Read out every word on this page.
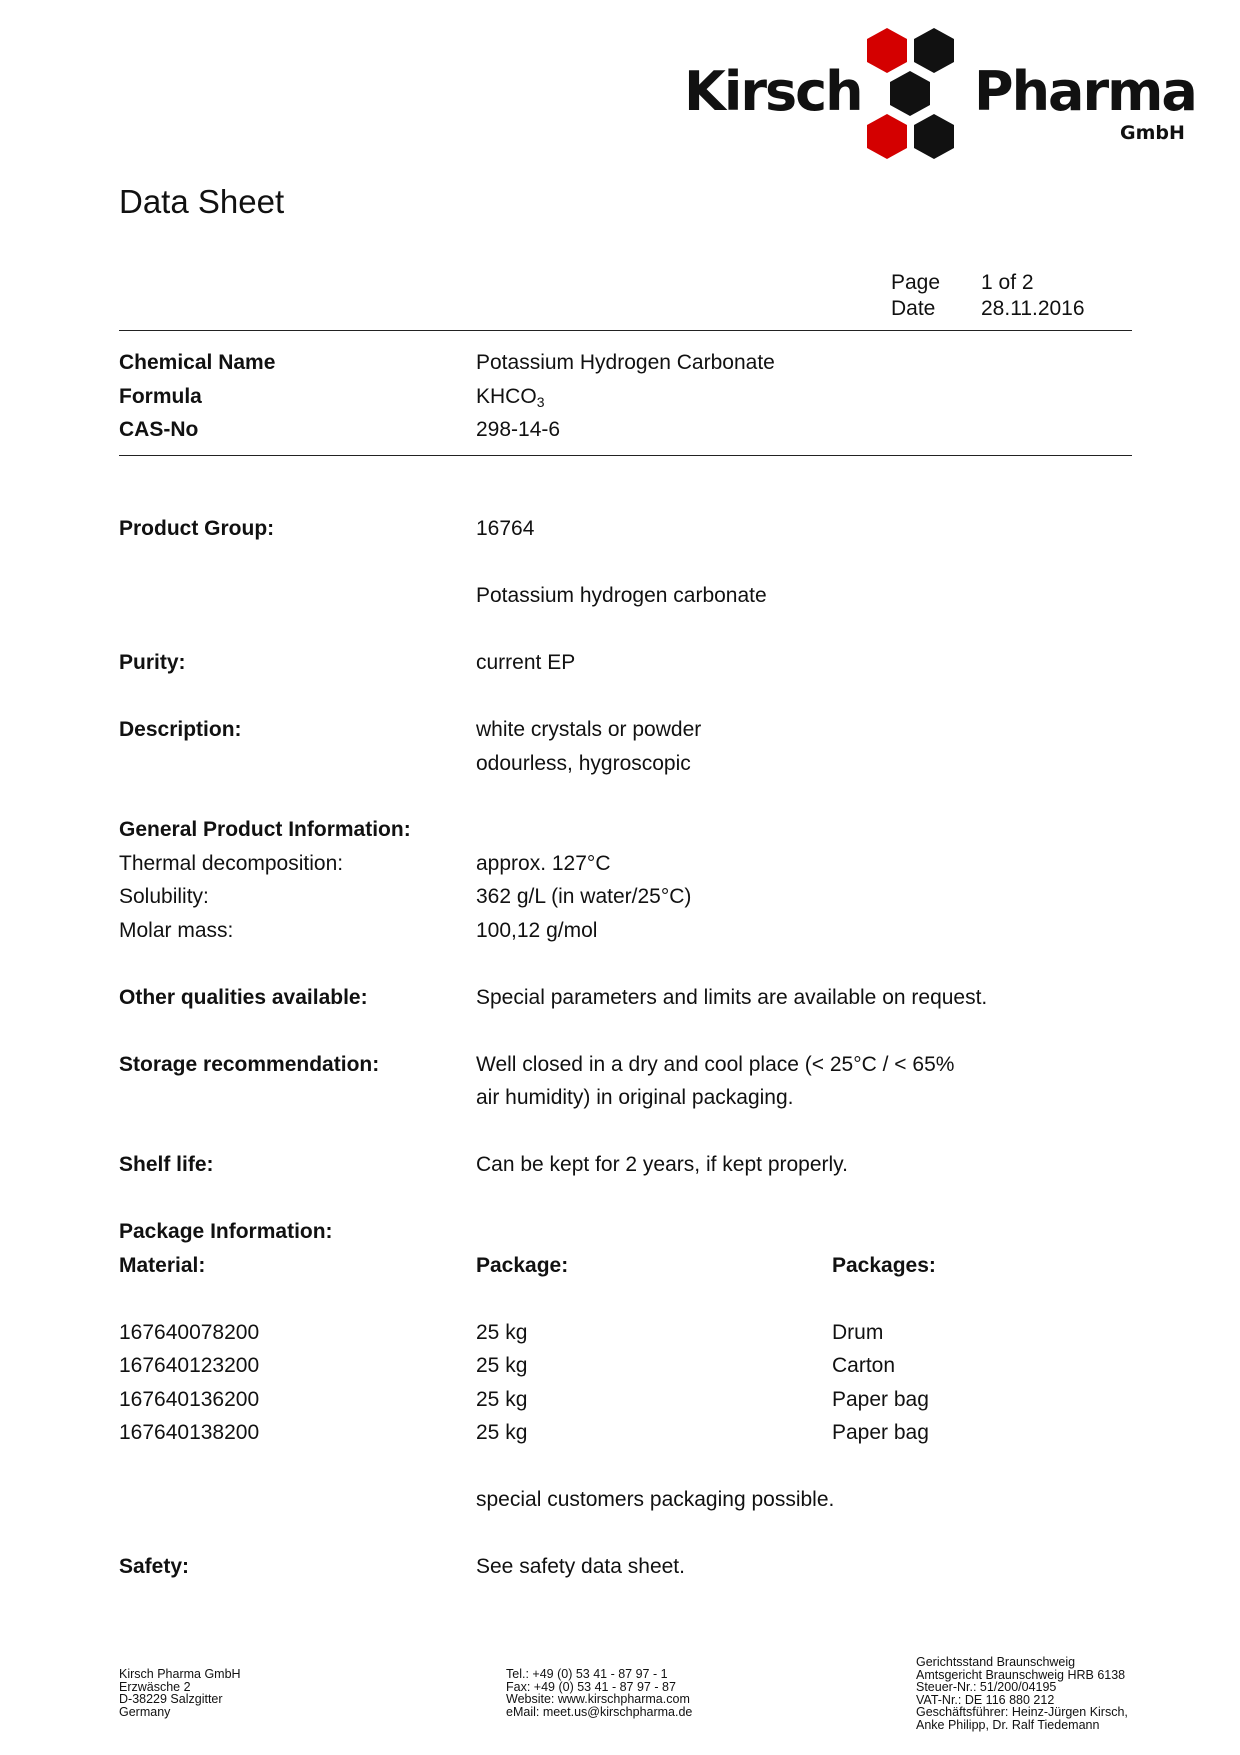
Kirsch Pharma
GmbH
Data Sheet
Page 1 of 2
Date 28.11.2016
Chemical Name	Potassium Hydrogen Carbonate
Formula	$KHCO_3$
CAS-No	298-14-6
Product Group:	16764
Potassium hydrogen carbonate
Purity:	current EP
Description:	white crystals or powder
odourless, hygroscopic
General Product Information:
Thermal decomposition:	approx. 127°C
Solubility:	362 g/L (in water/25°C)
Molar mass:	100,12 g/mol
Other qualities available:	Special parameters and limits are available on request.
Storage recommendation:	Well closed in a dry and cool place (< 25°C / < 65%
air humidity) in original packaging.
Shelf life:	Can be kept for 2 years, if kept properly.
Package Information:
Material:	Package:	Packages:
167640078200	25 kg	Drum
167640123200	25 kg	Carton
167640136200	25 kg	Paper bag
167640138200	25 kg	Paper bag
special customers packaging possible.
Safety:	See safety data sheet.
Kirsch Pharma GmbH
Erzwäsche 2
D-38229 Salzgitter
Germany
Tel.: +49 (0) 53 41 - 87 97 - 1
Fax: +49 (0) 53 41 - 87 97 - 87
Website: www.kirschpharma.com
eMail: meet.us@kirschpharma.de
Gerichtsstand Braunschweig
Amtsgericht Braunschweig HRB 6138
Steuer-Nr.: 51/200/04195
VAT-Nr.: DE 116 880 212
Geschäftsführer: Heinz-Jürgen Kirsch,
Anke Philipp, Dr. Ralf Tiedemann
